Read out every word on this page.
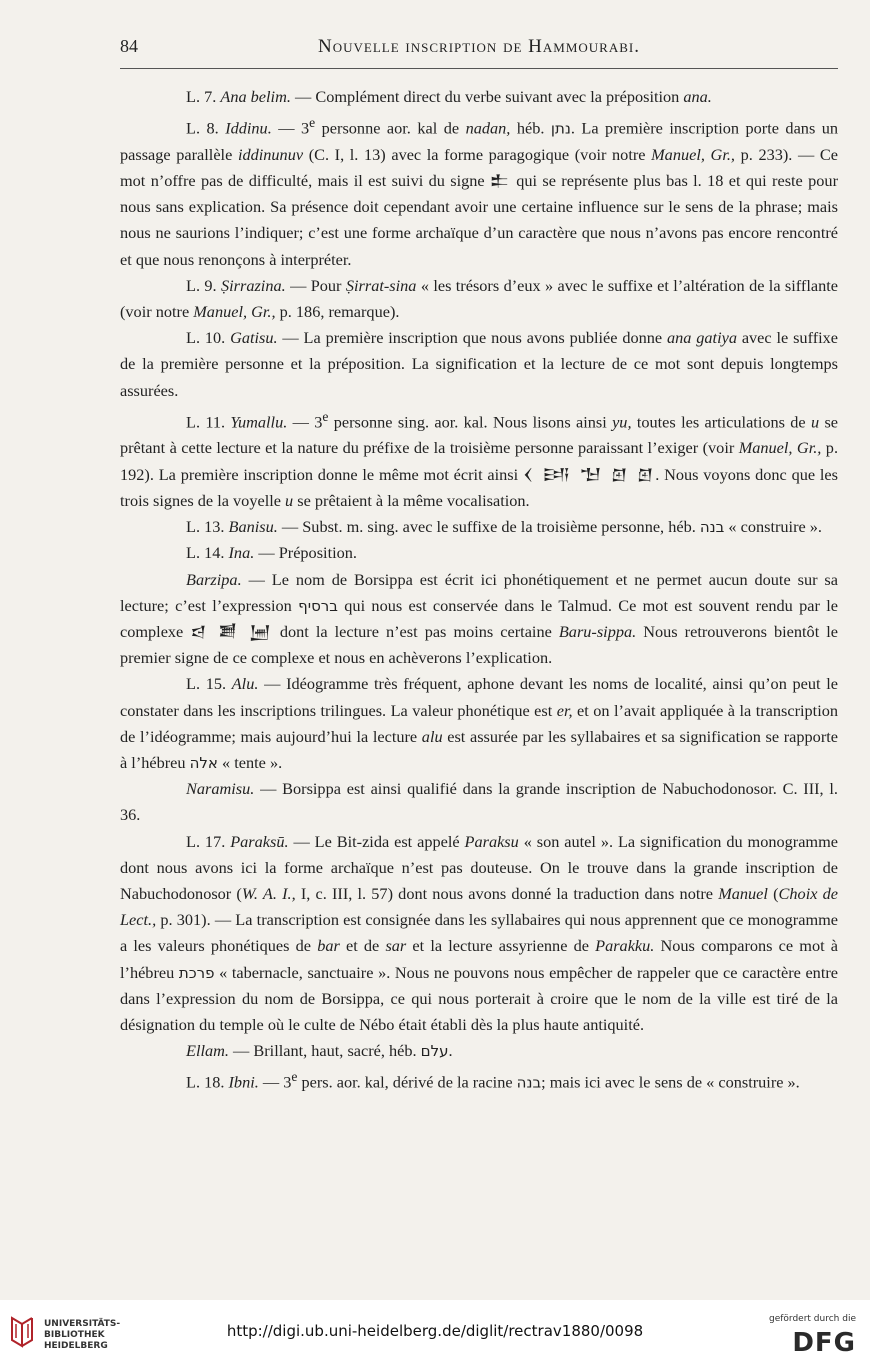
84	Nouvelle inscription de Hammourabi.

L. 7. Ana belim. — Complément direct du verbe suivant avec la préposition ana.

L. 8. Iddinu. — 3e personne aor. kal de nadan, héb. נתן. La première inscription porte dans un passage parallèle iddinunuv (C. I, l. 13) avec la forme paragogique (voir notre Manuel, Gr., p. 233). — Ce mot n’offre pas de difficulté, mais il est suivi du signe 𒉺 qui se représente plus bas l. 18 et qui reste pour nous sans explication. Sa présence doit cependant avoir une certaine influence sur le sens de la phrase; mais nous ne saurions l’indiquer; c’est une forme archaïque d’un caractère que nous n’avons pas encore rencontré et que nous renonçons à interpréter.

L. 9. Ṣirrazina. — Pour Ṣirrat-sina « les trésors d’eux » avec le suffixe et l’altération de la sifflante (voir notre Manuel, Gr., p. 186, remarque).

L. 10. Gatisu. — La première inscription que nous avons publiée donne ana gatiya avec le suffixe de la première personne et la préposition. La signification et la lecture de ce mot sont depuis longtemps assurées.

L. 11. Yumallu. — 3e personne sing. aor. kal. Nous lisons ainsi yu, toutes les articulations de u se prêtant à cette lecture et la nature du préfixe de la troisième personne paraissant l’exiger (voir Manuel, Gr., p. 192). La première inscription donne le même mot écrit ainsi 𒌋 𒅀 𒈠 𒇻 𒇻. Nous voyons donc que les trois signes de la voyelle u se prêtaient à la même vocalisation.

L. 13. Banisu. — Subst. m. sing. avec le suffixe de la troisième personne, héb. בנה « construire ».

L. 14. Ina. — Préposition.

Barzipa. — Le nom de Borsippa est écrit ici phonétiquement et ne permet aucun doute sur sa lecture; c’est l’expression ברסיף qui nous est conservée dans le Talmud. Ce mot est souvent rendu par le complexe 𒁀 𒋢 𒅁 dont la lecture n’est pas moins certaine Baru-sippa. Nous retrouverons bientôt le premier signe de ce complexe et nous en achèverons l’explication.

L. 15. Alu. — Idéogramme très fréquent, aphone devant les noms de localité, ainsi qu’on peut le constater dans les inscriptions trilingues. La valeur phonétique est er, et on l’avait appliquée à la transcription de l’idéogramme; mais aujourd’hui la lecture alu est assurée par les syllabaires et sa signification se rapporte à l’hébreu אלה « tente ».

Naramisu. — Borsippa est ainsi qualifié dans la grande inscription de Nabuchodonosor. C. III, l. 36.

L. 17. Paraksū. — Le Bit-zida est appelé Paraksu « son autel ». La signification du monogramme dont nous avons ici la forme archaïque n’est pas douteuse. On le trouve dans la grande inscription de Nabuchodonosor (W. A. I., I, c. III, l. 57) dont nous avons donné la traduction dans notre Manuel (Choix de Lect., p. 301). — La transcription est consignée dans les syllabaires qui nous apprennent que ce monogramme a les valeurs phonétiques de bar et de sar et la lecture assyrienne de Parakku. Nous comparons ce mot à l’hébreu פרכת « tabernacle, sanctuaire ». Nous ne pouvons nous empêcher de rappeler que ce caractère entre dans l’expression du nom de Borsippa, ce qui nous porterait à croire que le nom de la ville est tiré de la désignation du temple où le culte de Nébo était établi dès la plus haute antiquité.

Ellam. — Brillant, haut, sacré, héb. עלם.

L. 18. Ibni. — 3e pers. aor. kal, dérivé de la racine בנה; mais ici avec le sens de « construire ».

UNIVERSITÄTS-
BIBLIOTHEK
HEIDELBERG
http://digi.ub.uni-heidelberg.de/diglit/rectrav1880/0098
gefördert durch die
DFG
